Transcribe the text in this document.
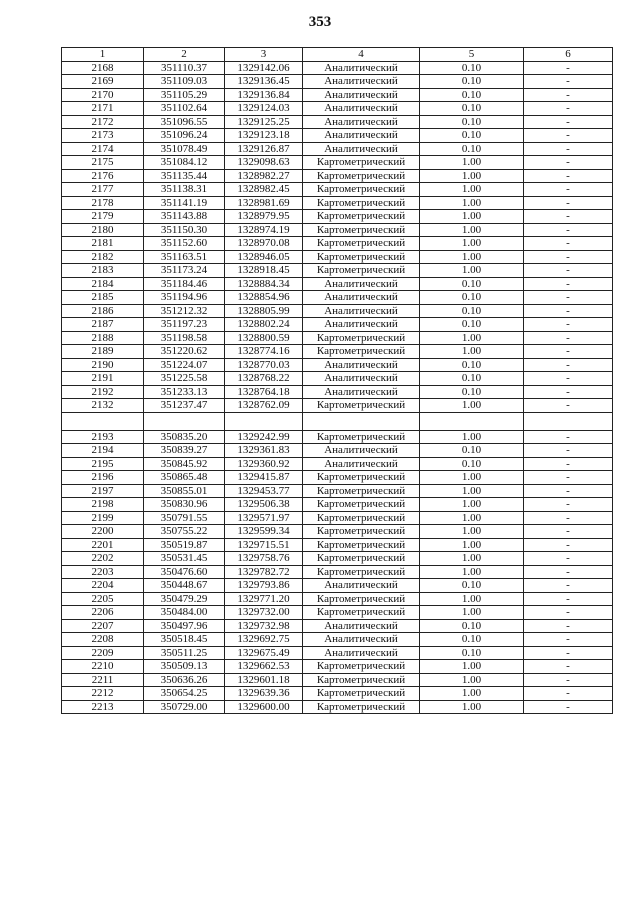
353
1	2	3	4	5	6
2168	351110.37	1329142.06	Аналитический	0.10	-
2169	351109.03	1329136.45	Аналитический	0.10	-
2170	351105.29	1329136.84	Аналитический	0.10	-
2171	351102.64	1329124.03	Аналитический	0.10	-
2172	351096.55	1329125.25	Аналитический	0.10	-
2173	351096.24	1329123.18	Аналитический	0.10	-
2174	351078.49	1329126.87	Аналитический	0.10	-
2175	351084.12	1329098.63	Картометрический	1.00	-
2176	351135.44	1328982.27	Картометрический	1.00	-
2177	351138.31	1328982.45	Картометрический	1.00	-
2178	351141.19	1328981.69	Картометрический	1.00	-
2179	351143.88	1328979.95	Картометрический	1.00	-
2180	351150.30	1328974.19	Картометрический	1.00	-
2181	351152.60	1328970.08	Картометрический	1.00	-
2182	351163.51	1328946.05	Картометрический	1.00	-
2183	351173.24	1328918.45	Картометрический	1.00	-
2184	351184.46	1328884.34	Аналитический	0.10	-
2185	351194.96	1328854.96	Аналитический	0.10	-
2186	351212.32	1328805.99	Аналитический	0.10	-
2187	351197.23	1328802.24	Аналитический	0.10	-
2188	351198.58	1328800.59	Картометрический	1.00	-
2189	351220.62	1328774.16	Картометрический	1.00	-
2190	351224.07	1328770.03	Аналитический	0.10	-
2191	351225.58	1328768.22	Аналитический	0.10	-
2192	351233.13	1328764.18	Аналитический	0.10	-
2132	351237.47	1328762.09	Картометрический	1.00	-

2193	350835.20	1329242.99	Картометрический	1.00	-
2194	350839.27	1329361.83	Аналитический	0.10	-
2195	350845.92	1329360.92	Аналитический	0.10	-
2196	350865.48	1329415.87	Картометрический	1.00	-
2197	350855.01	1329453.77	Картометрический	1.00	-
2198	350830.96	1329506.38	Картометрический	1.00	-
2199	350791.55	1329571.97	Картометрический	1.00	-
2200	350755.22	1329599.34	Картометрический	1.00	-
2201	350519.87	1329715.51	Картометрический	1.00	-
2202	350531.45	1329758.76	Картометрический	1.00	-
2203	350476.60	1329782.72	Картометрический	1.00	-
2204	350448.67	1329793.86	Аналитический	0.10	-
2205	350479.29	1329771.20	Картометрический	1.00	-
2206	350484.00	1329732.00	Картометрический	1.00	-
2207	350497.96	1329732.98	Аналитический	0.10	-
2208	350518.45	1329692.75	Аналитический	0.10	-
2209	350511.25	1329675.49	Аналитический	0.10	-
2210	350509.13	1329662.53	Картометрический	1.00	-
2211	350636.26	1329601.18	Картометрический	1.00	-
2212	350654.25	1329639.36	Картометрический	1.00	-
2213	350729.00	1329600.00	Картометрический	1.00	-
